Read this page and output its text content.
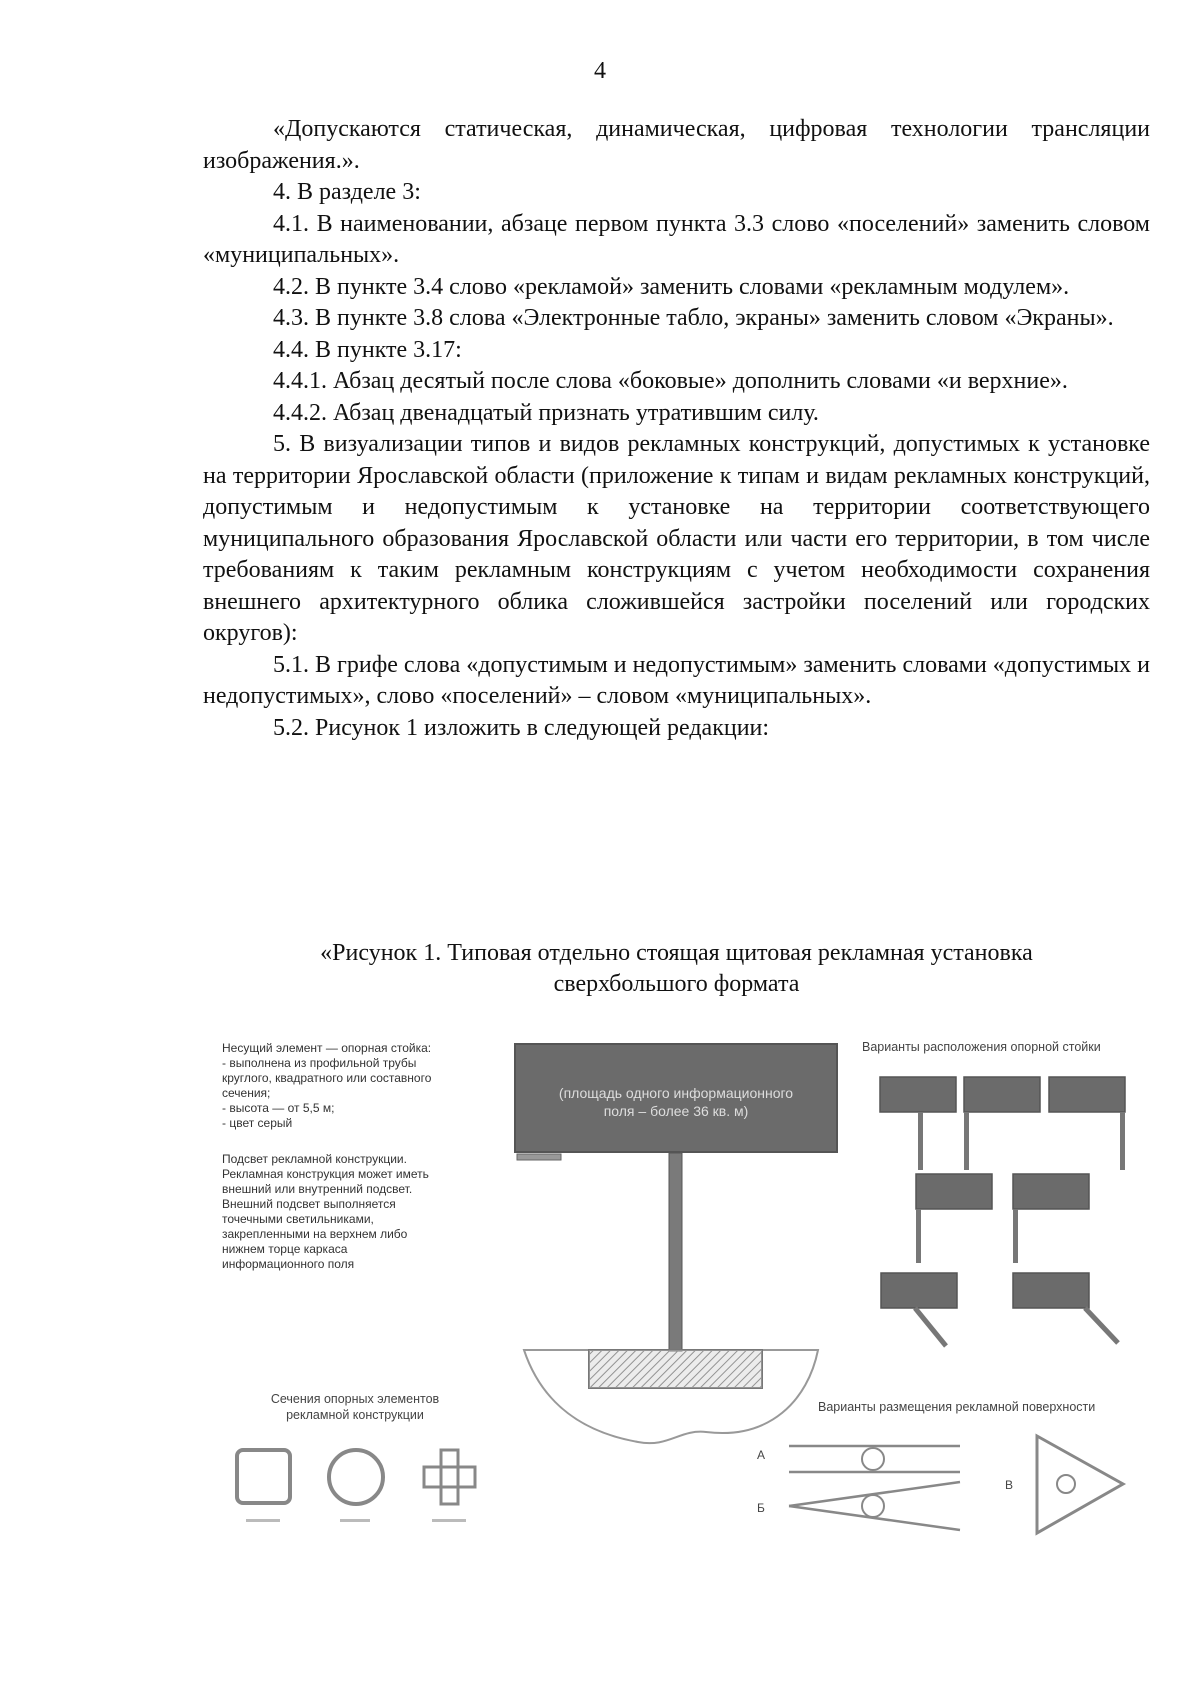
4

«Допускаются статическая, динамическая, цифровая технологии трансляции изображения.».

4. В разделе 3:

4.1. В наименовании, абзаце первом пункта 3.3 слово «поселений» заменить словом «муниципальных».

4.2. В пункте 3.4 слово «рекламой» заменить словами «рекламным модулем».

4.3. В пункте 3.8 слова «Электронные табло, экраны» заменить словом «Экраны».

4.4. В пункте 3.17:

4.4.1. Абзац десятый после слова «боковые» дополнить словами «и верхние».

4.4.2. Абзац двенадцатый признать утратившим силу.

5. В визуализации типов и видов рекламных конструкций, допустимых к установке на территории Ярославской области (приложение к типам и видам рекламных конструкций, допустимым и недопустимым к установке на территории соответствующего муниципального образования Ярославской области или части его территории, в том числе требованиям к таким рекламным конструкциям с учетом необходимости сохранения внешнего архитектурного облика сложившейся застройки поселений или городских округов):

5.1. В грифе слова «допустимым и недопустимым» заменить словами «допустимых и недопустимых», слово «поселений» – словом «муниципальных».

5.2. Рисунок 1 изложить в следующей редакции:

«Рисунок 1. Типовая отдельно стоящая щитовая рекламная установка
сверхбольшого формата
Несущий элемент — опорная стойка:
- выполнена из профильной трубы
круглого, квадратного или составного
сечения;
- высота — от 5,5 м;
- цвет серый
Подсвет рекламной конструкции.
Рекламная конструкция может иметь
внешний или внутренний подсвет.
Внешний подсвет выполняется
точечными светильниками,
закрепленными на верхнем либо
нижнем торце каркаса
информационного поля
(площадь одного информационного
поля – более 36 кв. м)
Варианты расположения опорной стойки
Сечения опорных элементов
рекламной конструкции
Варианты размещения рекламной поверхности
А
Б
В
